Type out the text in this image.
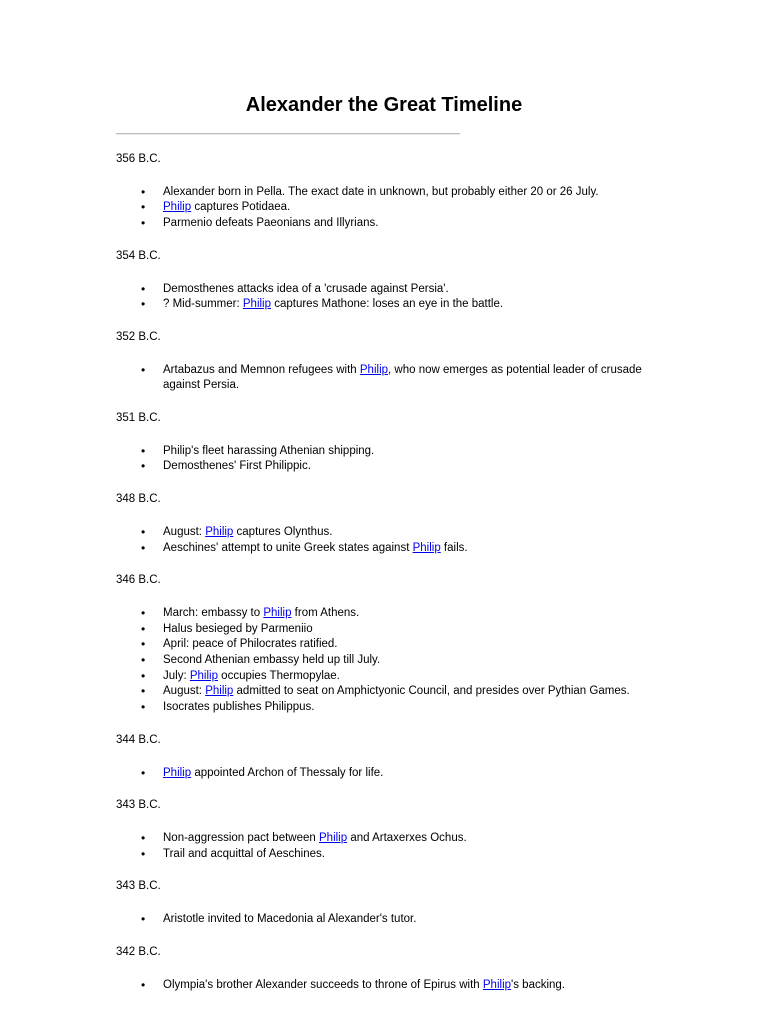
Alexander the Great Timeline

356 B.C.

• Alexander born in Pella. The exact date in unknown, but probably either 20 or 26 July.
• Philip captures Potidaea.
• Parmenio defeats Paeonians and Illyrians.

354 B.C.

• Demosthenes attacks idea of a 'crusade against Persia'.
• ? Mid-summer: Philip captures Mathone: loses an eye in the battle.

352 B.C.

• Artabazus and Memnon refugees with Philip, who now emerges as potential leader of crusade against Persia.

351 B.C.

• Philip's fleet harassing Athenian shipping.
• Demosthenes' First Philippic.

348 B.C.

• August: Philip captures Olynthus.
• Aeschines' attempt to unite Greek states against Philip fails.

346 B.C.

• March: embassy to Philip from Athens.
• Halus besieged by Parmeniio
• April: peace of Philocrates ratified.
• Second Athenian embassy held up till July.
• July: Philip occupies Thermopylae.
• August: Philip admitted to seat on Amphictyonic Council, and presides over Pythian Games.
• Isocrates publishes Philippus.

344 B.C.

• Philip appointed Archon of Thessaly for life.

343 B.C.

• Non-aggression pact between Philip and Artaxerxes Ochus.
• Trail and acquittal of Aeschines.

343 B.C.

• Aristotle invited to Macedonia al Alexander's tutor.

342 B.C.

• Olympia's brother Alexander succeeds to throne of Epirus with Philip's backing.
